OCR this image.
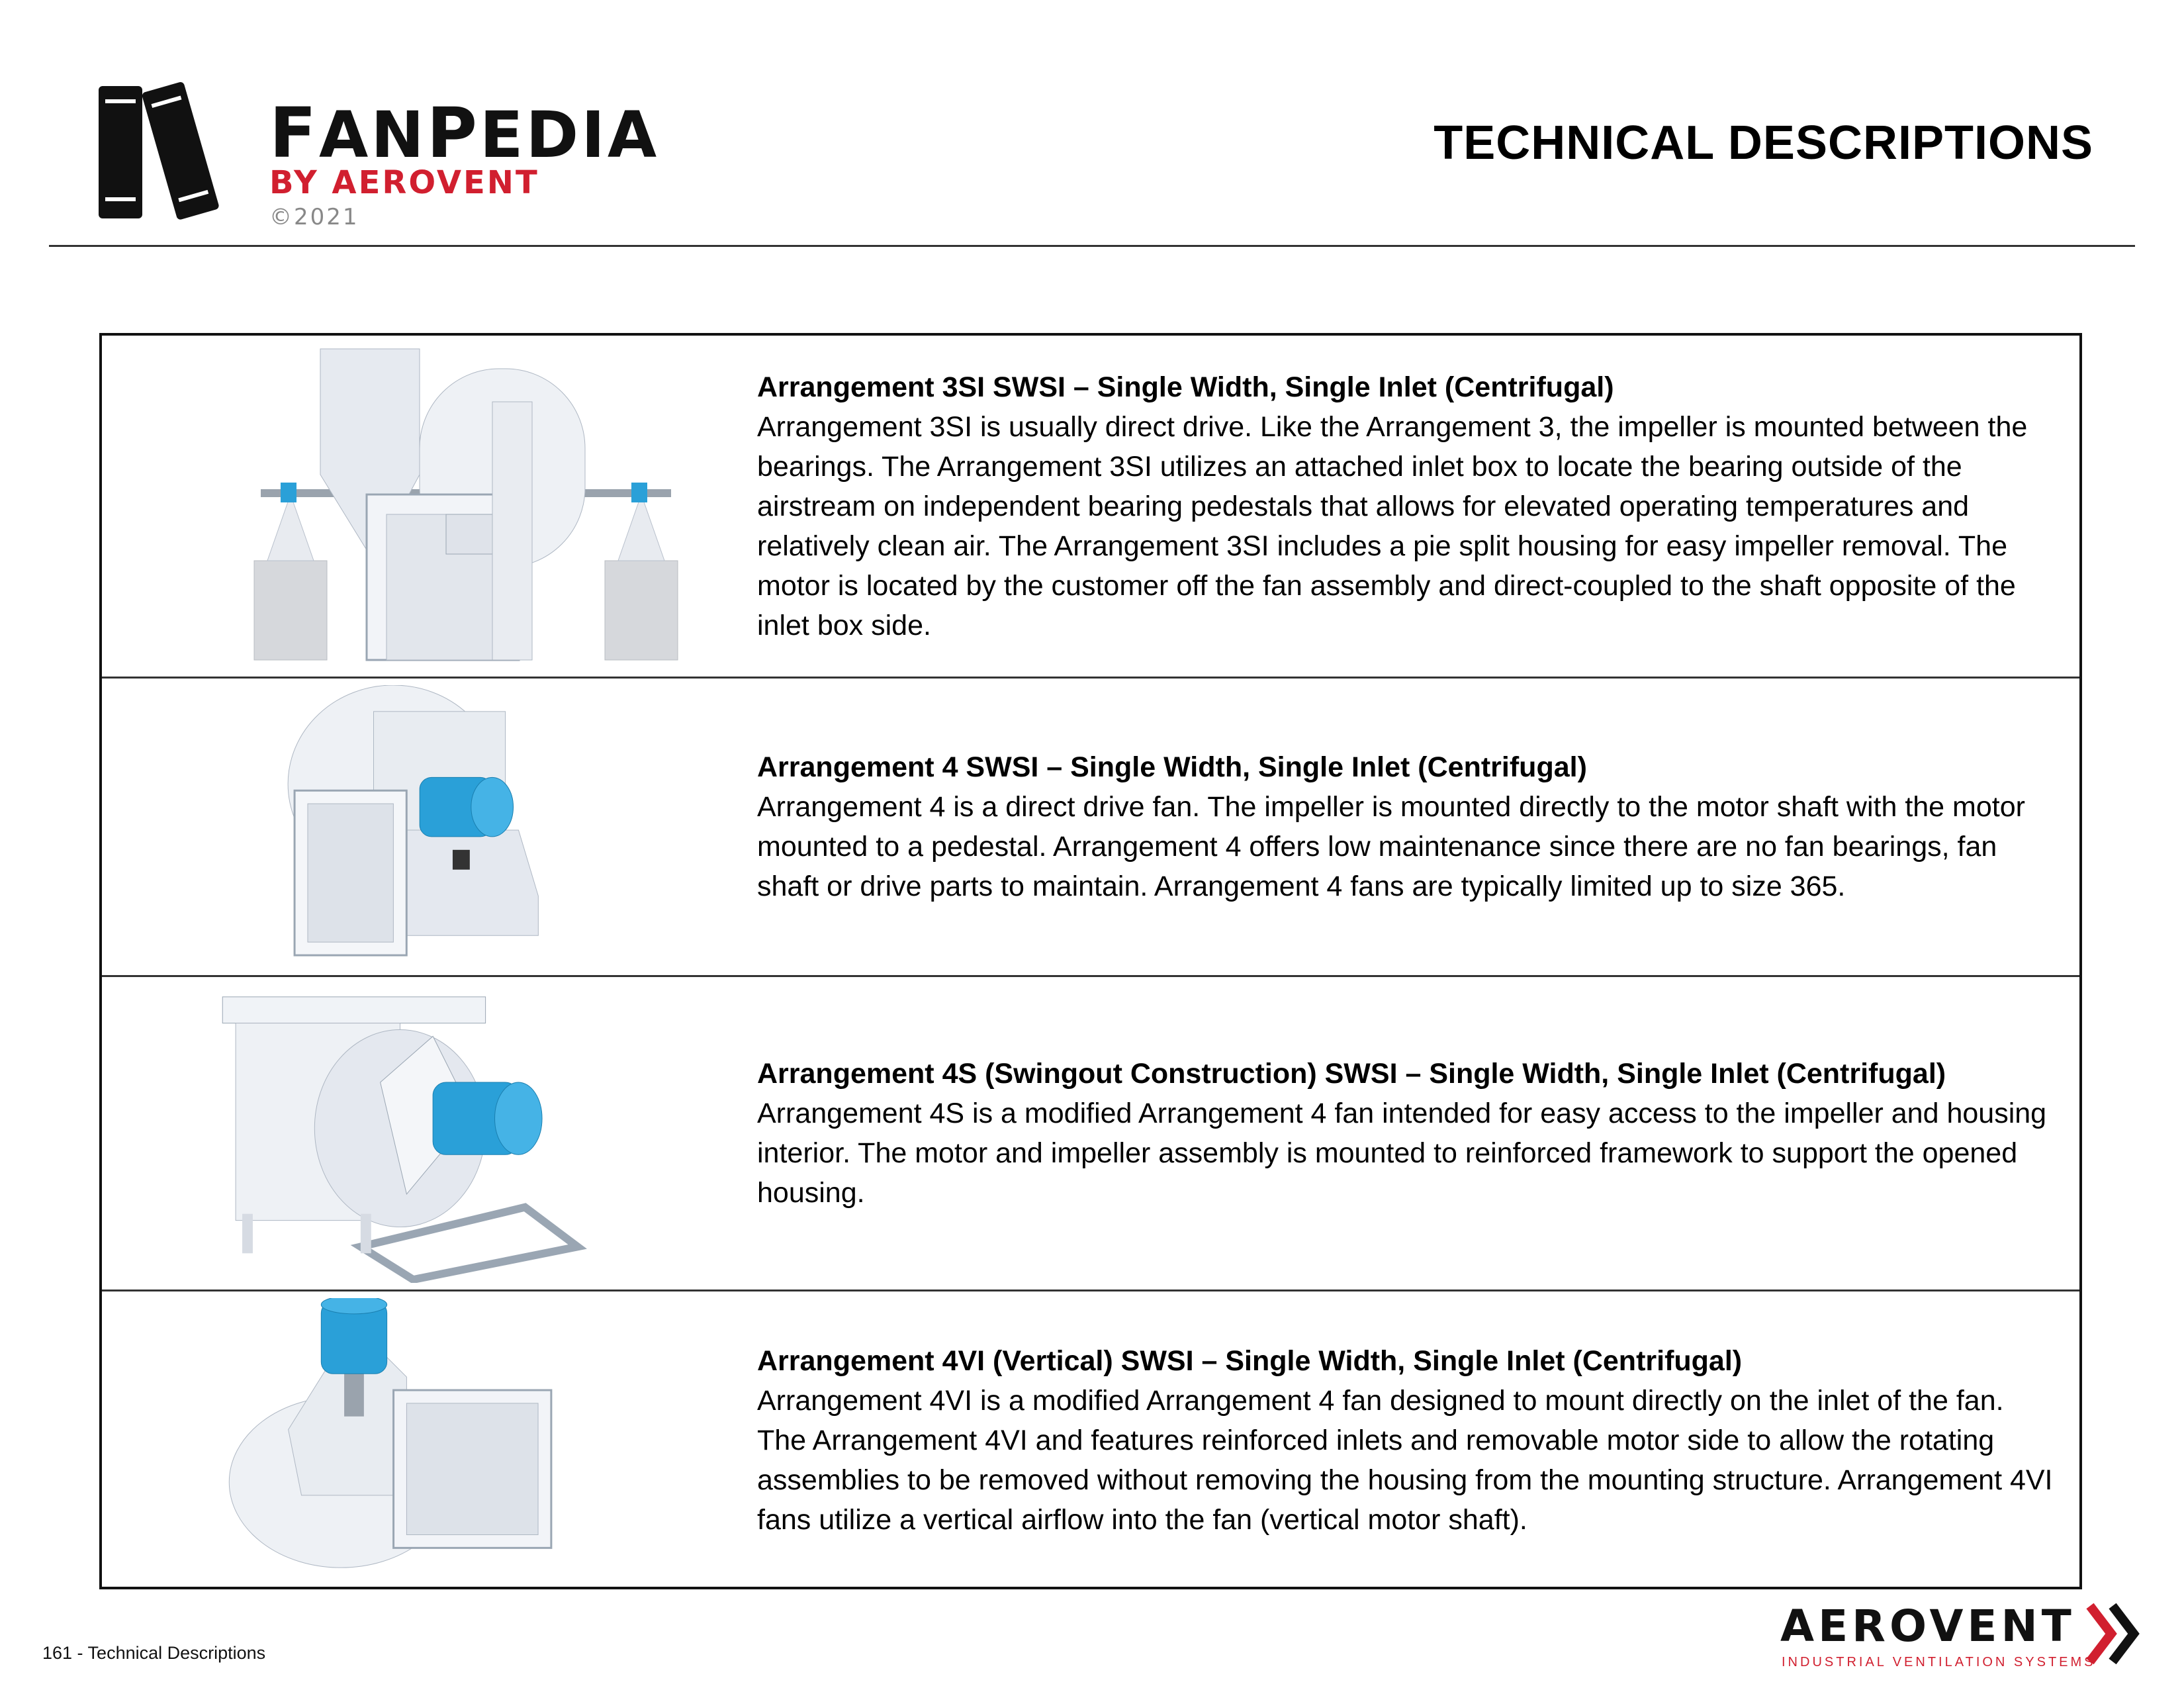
FANPEDIA
BY AEROVENT
©2021
TECHNICAL DESCRIPTIONS
Arrangement 3SI SWSI – Single Width, Single Inlet (Centrifugal)

Arrangement 3SI is usually direct drive. Like the Arrangement 3, the impeller is mounted between the bearings. The Arrangement 3SI utilizes an attached inlet box to locate the bearing outside of the airstream on independent bearing pedestals that allows for elevated operating temperatures and relatively clean air. The Arrangement 3SI includes a pie split housing for easy impeller removal. The motor is located by the customer off the fan assembly and direct-coupled to the shaft opposite of the inlet box side.

Arrangement 4 SWSI – Single Width, Single Inlet (Centrifugal)

Arrangement 4 is a direct drive fan. The impeller is mounted directly to the motor shaft with the motor mounted to a pedestal. Arrangement 4 offers low maintenance since there are no fan bearings, fan shaft or drive parts to maintain. Arrangement 4 fans are typically limited up to size 365.

Arrangement 4S (Swingout Construction) SWSI – Single Width, Single Inlet (Centrifugal)

Arrangement 4S is a modified Arrangement 4 fan intended for easy access to the impeller and housing interior. The motor and impeller assembly is mounted to reinforced framework to support the opened housing.

Arrangement 4VI (Vertical) SWSI – Single Width, Single Inlet (Centrifugal)

Arrangement 4VI is a modified Arrangement 4 fan designed to mount directly on the inlet of the fan. The Arrangement 4VI and features reinforced inlets and removable motor side to allow the rotating assemblies to be removed without removing the housing from the mounting structure. Arrangement 4VI fans utilize a vertical airflow into the fan (vertical motor shaft).

161 - Technical Descriptions
AEROVENT
INDUSTRIAL VENTILATION SYSTEMS
